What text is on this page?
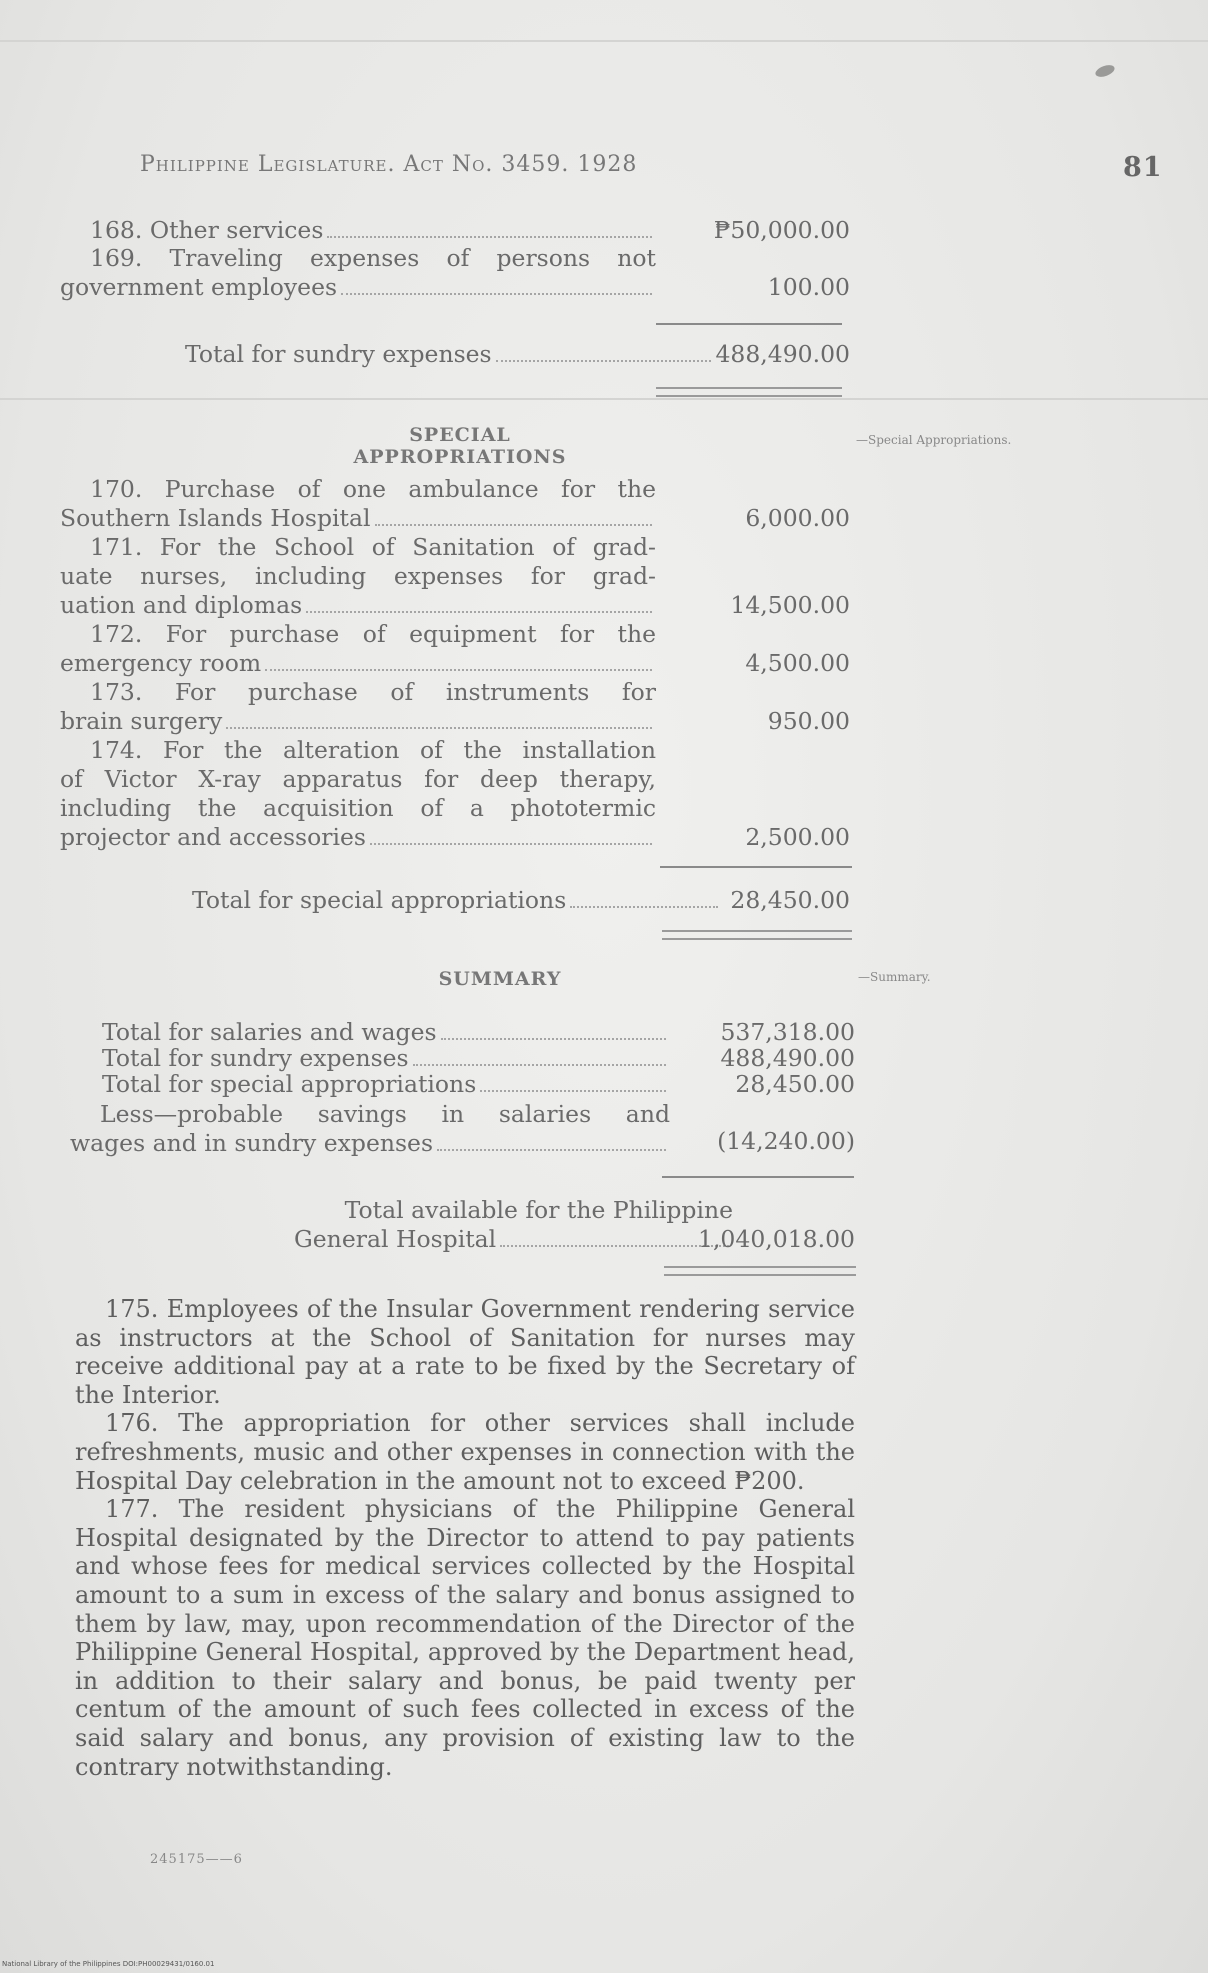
Philippine Legislature. Act No. 3459. 1928	81
168. Other services	₱50,000.00
169. Traveling expenses of persons not
government employees	100.00
Total for sundry expenses	488,490.00
SPECIAL APPROPRIATIONS
—Special Appropriations.
170. Purchase of one ambulance for the
Southern Islands Hospital	6,000.00
171. For the School of Sanitation of grad-
uate nurses, including expenses for grad-
uation and diplomas	14,500.00
172. For purchase of equipment for the
emergency room	4,500.00
173. For purchase of instruments for
brain surgery	950.00
174. For the alteration of the installation
of Victor X-ray apparatus for deep therapy, including the acquisition of a phototermic
projector and accessories	2,500.00
Total for special appropriations	28,450.00
SUMMARY	—Summary.
Total for salaries and wages	537,318.00
Total for sundry expenses	488,490.00
Total for special appropriations	28,450.00
Less—probable savings in salaries and
wages and in sundry expenses	(14,240.00)
Total available for the Philippine
General Hospital	1,040,018.00

175. Employees of the Insular Government rendering service as instructors at the School of Sanitation for nurses may receive additional pay at a rate to be fixed by the Secretary of the Interior.

176. The appropriation for other services shall include refreshments, music and other expenses in connection with the Hospital Day celebration in the amount not to exceed ₱200.

177. The resident physicians of the Philippine General Hospital designated by the Director to attend to pay patients and whose fees for medical services collected by the Hospital amount to a sum in excess of the salary and bonus assigned to them by law, may, upon recommendation of the Director of the Philippine General Hospital, approved by the Department head, in addition to their salary and bonus, be paid twenty per centum of the amount of such fees collected in excess of the said salary and bonus, any provision of existing law to the contrary notwithstanding.

245175——6
National Library of the Philippines DOI:PH00029431/0160.01
